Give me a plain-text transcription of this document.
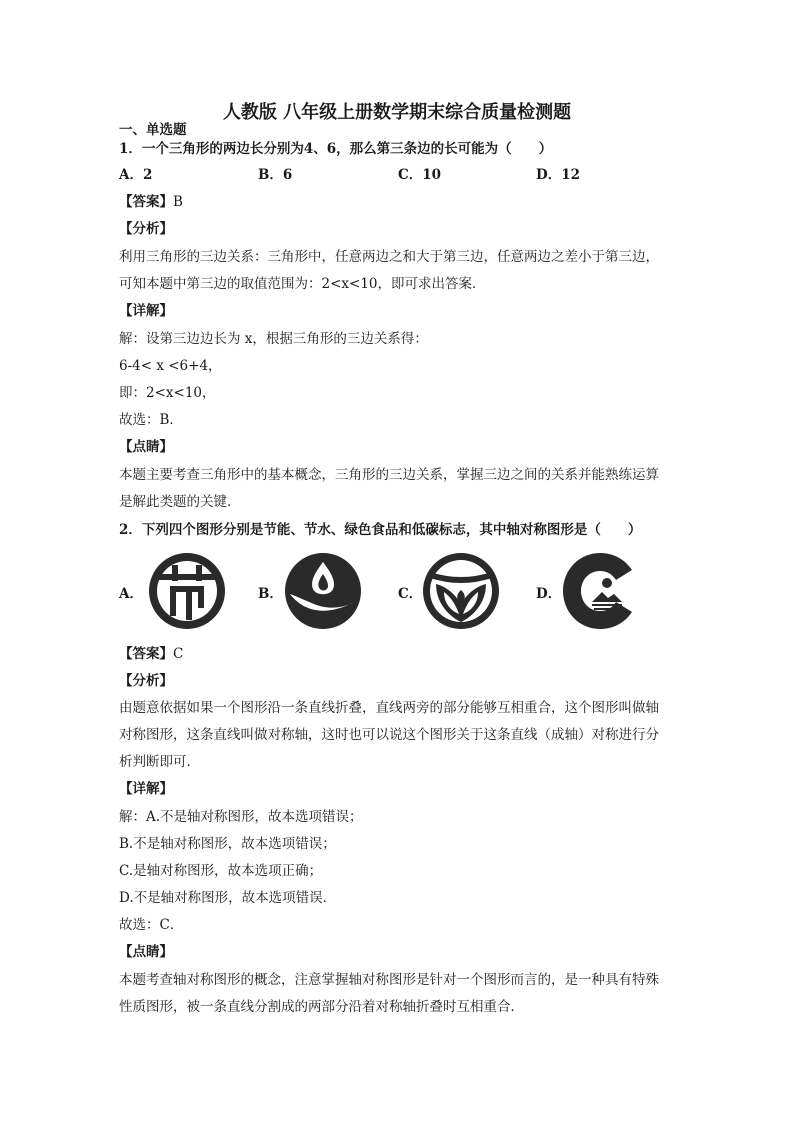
人教版 八年级上册数学期末综合质量检测题
一、单选题
1．一个三角形的两边长分别为4、6，那么第三条边的长可能为（　　）
A．2	B．6	C．10	D．12
【答案】B
【分析】
利用三角形的三边关系：三角形中，任意两边之和大于第三边，任意两边之差小于第三边，
可知本题中第三边的取值范围为：2<x<10，即可求出答案．
【详解】
解：设第三边边长为 x，根据三角形的三边关系得：
6-4< x <6+4，
即：2<x<10，
故选：B．
【点睛】
本题主要考查三角形中的基本概念，三角形的三边关系，掌握三边之间的关系并能熟练运算
是解此类题的关键．
2．下列四个图形分别是节能、节水、绿色食品和低碳标志，其中轴对称图形是（　　）
A．	B．	C．	D．
【答案】C
【分析】
由题意依据如果一个图形沿一条直线折叠，直线两旁的部分能够互相重合，这个图形叫做轴
对称图形，这条直线叫做对称轴，这时也可以说这个图形关于这条直线（成轴）对称进行分
析判断即可．
【详解】
解：A.不是轴对称图形，故本选项错误；
B.不是轴对称图形，故本选项错误；
C.是轴对称图形，故本选项正确；
D.不是轴对称图形，故本选项错误．
故选：C．
【点睛】
本题考查轴对称图形的概念，注意掌握轴对称图形是针对一个图形而言的，是一种具有特殊
性质图形，被一条直线分割成的两部分沿着对称轴折叠时互相重合．
